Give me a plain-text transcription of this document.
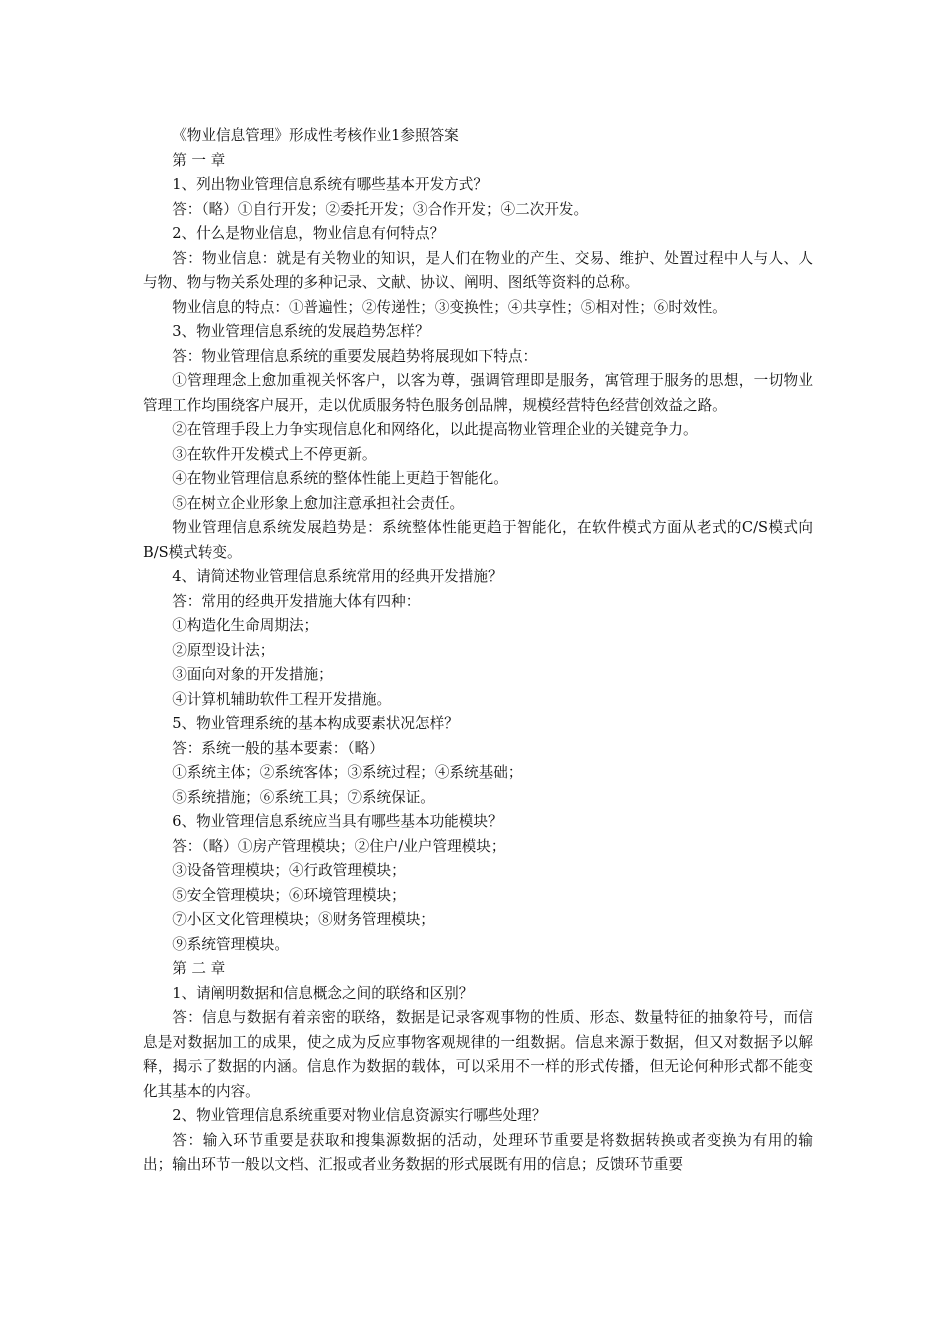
《物业信息管理》形成性考核作业1参照答案

第 一 章

1、列出物业管理信息系统有哪些基本开发方式？

答：（略）①自行开发；②委托开发；③合作开发；④二次开发。

2、什么是物业信息，物业信息有何特点？

答：物业信息：就是有关物业的知识，是人们在物业的产生、交易、维护、处置过程中人与人、人与物、物与物关系处理的多种记录、文献、协议、阐明、图纸等资料的总称。

物业信息的特点：①普遍性；②传递性；③变换性；④共享性；⑤相对性；⑥时效性。

3、物业管理信息系统的发展趋势怎样？

答：物业管理信息系统的重要发展趋势将展现如下特点：

①管理理念上愈加重视关怀客户，以客为尊，强调管理即是服务，寓管理于服务的思想，一切物业管理工作均围绕客户展开，走以优质服务特色服务创品牌，规模经营特色经营创效益之路。

②在管理手段上力争实现信息化和网络化，以此提高物业管理企业的关键竞争力。

③在软件开发模式上不停更新。

④在物业管理信息系统的整体性能上更趋于智能化。

⑤在树立企业形象上愈加注意承担社会责任。

物业管理信息系统发展趋势是：系统整体性能更趋于智能化，在软件模式方面从老式的C/S模式向B/S模式转变。

4、请简述物业管理信息系统常用的经典开发措施？

答：常用的经典开发措施大体有四种：

①构造化生命周期法；

②原型设计法；

③面向对象的开发措施；

④计算机辅助软件工程开发措施。

5、物业管理系统的基本构成要素状况怎样？

答：系统一般的基本要素：（略）

①系统主体；②系统客体；③系统过程；④系统基础；

⑤系统措施；⑥系统工具；⑦系统保证。

6、物业管理信息系统应当具有哪些基本功能模块？

答：（略）①房产管理模块；②住户/业户管理模块；

③设备管理模块；④行政管理模块；

⑤安全管理模块；⑥环境管理模块；

⑦小区文化管理模块；⑧财务管理模块；

⑨系统管理模块。

第 二 章

1、请阐明数据和信息概念之间的联络和区别？

答：信息与数据有着亲密的联络，数据是记录客观事物的性质、形态、数量特征的抽象符号，而信息是对数据加工的成果，使之成为反应事物客观规律的一组数据。信息来源于数据，但又对数据予以解释，揭示了数据的内涵。信息作为数据的载体，可以采用不一样的形式传播，但无论何种形式都不能变化其基本的内容。

2、物业管理信息系统重要对物业信息资源实行哪些处理？

答：输入环节重要是获取和搜集源数据的活动，处理环节重要是将数据转换或者变换为有用的输出；输出环节一般以文档、汇报或者业务数据的形式展既有用的信息；反馈环节重要
